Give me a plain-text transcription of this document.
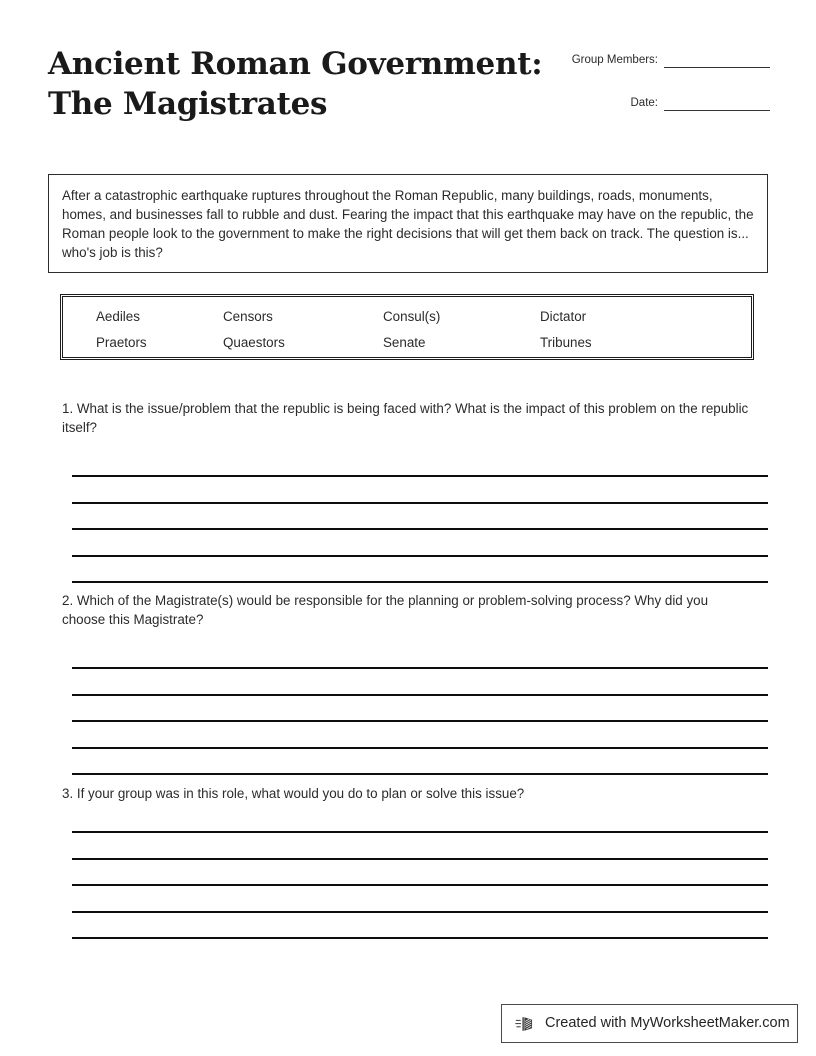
Ancient Roman Government:
The Magistrates
Group Members:
Date:

After a catastrophic earthquake ruptures throughout the Roman Republic, many buildings, roads, monuments, homes, and businesses fall to rubble and dust. Fearing the impact that this earthquake may have on the republic, the Roman people look to the government to make the right decisions that will get them back on track. The question is... who's job is this?

Aediles	Censors	Consul(s)	Dictator
Praetors	Quaestors	Senate	Tribunes

1. What is the issue/problem that the republic is being faced with? What is the impact of this problem on the republic itself?

2. Which of the Magistrate(s) would be responsible for the planning or problem-solving process? Why did you choose this Magistrate?

3. If your group was in this role, what would you do to plan or solve this issue?

Created with MyWorksheetMaker.com
